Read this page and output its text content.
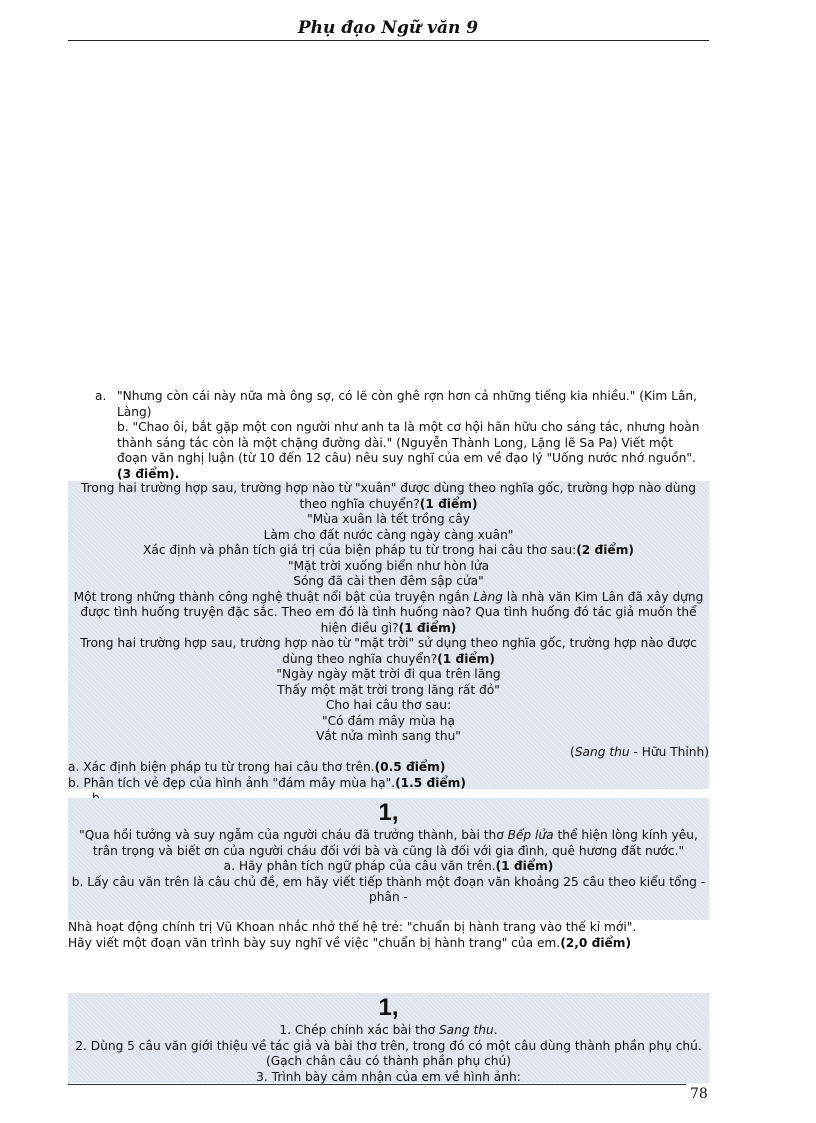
Phụ đạo Ngữ văn 9
a. "Nhưng còn cái này nữa mà ông sợ, có lẽ còn ghê rợn hơn cả những tiếng kia nhiều." (Kim Lân, Làng)
b. "Chao ôi, bắt gặp một con người như anh ta là một cơ hội hãn hữu cho sáng tác, nhưng hoàn thành sáng tác còn là một chặng đường dài." (Nguyễn Thành Long, Lặng lẽ Sa Pa) Viết một đoạn văn nghị luận (từ 10 đến 12 câu) nêu suy nghĩ của em về đạo lý "Uống nước nhớ nguồn". (3 điểm).
Trong hai trường hợp sau, trường hợp nào từ "xuân" được dùng theo nghĩa gốc, trường hợp nào dùng theo nghĩa chuyển?(1 điểm)
"Mùa xuân là tết trồng cây
Làm cho đất nước càng ngày càng xuân"
Xác định và phân tích giá trị của biện pháp tu từ trong hai câu thơ sau:(2 điểm)
"Mặt trời xuống biển như hòn lửa
Sóng đã cài then đêm sập cửa"
Một trong những thành công nghệ thuật nổi bật của truyện ngắn Làng là nhà văn Kim Lân đã xây dựng được tình huống truyện đặc sắc. Theo em đó là tình huống nào? Qua tình huống đó tác giả muốn thể hiện điều gì?(1 điểm)
Trong hai trường hợp sau, trường hợp nào từ "mặt trời" sử dụng theo nghĩa gốc, trường hợp nào được dùng theo nghĩa chuyển?(1 điểm)
"Ngày ngày mặt trời đi qua trên lăng
Thấy một mặt trời trong lăng rất đỏ"
Cho hai câu thơ sau:
"Có đám mây mùa hạ
Vắt nửa mình sang thu"
(Sang thu - Hữu Thỉnh)
a. Xác định biện pháp tu từ trong hai câu thơ trên.(0.5 điểm)
b. Phân tích vẻ đẹp của hình ảnh "đám mây mùa hạ".(1.5 điểm)
1,
"Qua hồi tưởng và suy ngẫm của người cháu đã trưởng thành, bài thơ Bếp lửa thể hiện lòng kính yêu, trân trọng và biết ơn của người cháu đối với bà và cũng là đối với gia đình, quê hương đất nước."
a. Hãy phân tích ngữ pháp của câu văn trên.(1 điểm)
b. Lấy câu văn trên là câu chủ đề, em hãy viết tiếp thành một đoạn văn khoảng 25 câu theo kiểu tổng - phân -
Nhà hoạt động chính trị Vũ Khoan nhắc nhở thế hệ trẻ: "chuẩn bị hành trang vào thế kỉ mới".
Hãy viết một đoạn văn trình bày suy nghĩ về việc "chuẩn bị hành trang" của em.(2,0 điểm)
1,
1. Chép chính xác bài thơ Sang thu.
2. Dùng 5 câu văn giới thiệu về tác giả và bài thơ trên, trong đó có một câu dùng thành phần phụ chú.(Gạch chân câu có thành phần phụ chú)
3. Trình bày cảm nhận của em về hình ảnh:
78
